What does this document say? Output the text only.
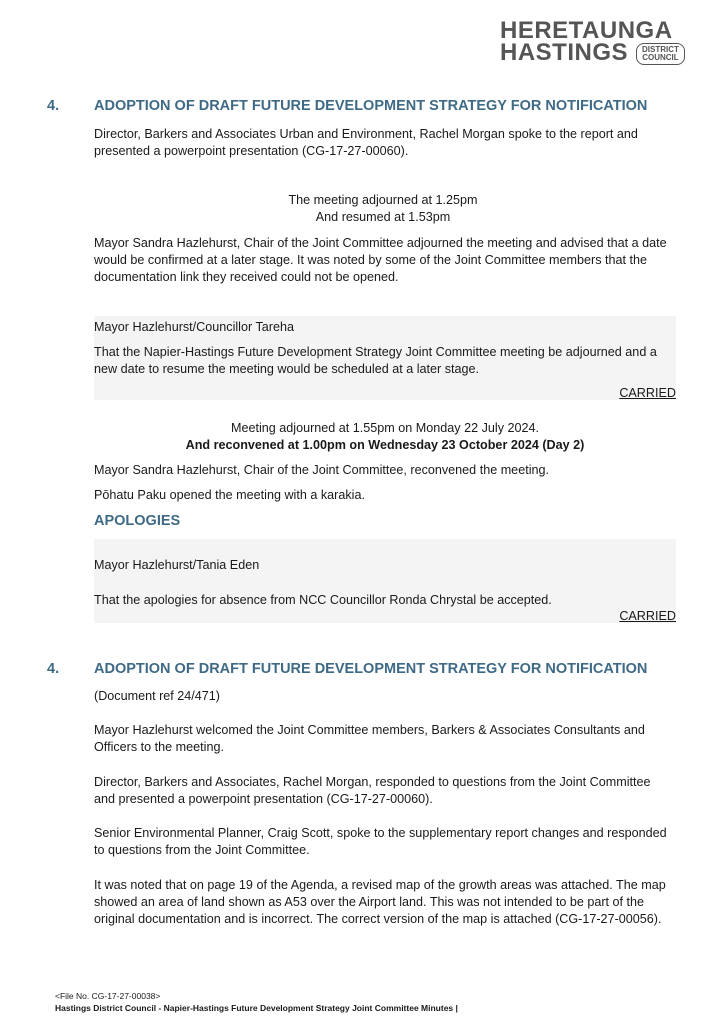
HERETAUNGA
HASTINGS DISTRICT
COUNCIL
4. ADOPTION OF DRAFT FUTURE DEVELOPMENT STRATEGY FOR NOTIFICATION
Director, Barkers and Associates Urban and Environment, Rachel Morgan spoke to the report and presented a powerpoint presentation (CG-17-27-00060).
The meeting adjourned at 1.25pm
And resumed at 1.53pm
Mayor Sandra Hazlehurst, Chair of the Joint Committee adjourned the meeting and advised that a date would be confirmed at a later stage. It was noted by some of the Joint Committee members that the documentation link they received could not be opened.
Mayor Hazlehurst/Councillor Tareha
That the Napier-Hastings Future Development Strategy Joint Committee meeting be adjourned and a new date to resume the meeting would be scheduled at a later stage.
CARRIED
Meeting adjourned at 1.55pm on Monday 22 July 2024.
And reconvened at 1.00pm on Wednesday 23 October 2024 (Day 2)
Mayor Sandra Hazlehurst, Chair of the Joint Committee, reconvened the meeting.
Pōhatu Paku opened the meeting with a karakia.
APOLOGIES
Mayor Hazlehurst/Tania Eden
That the apologies for absence from NCC Councillor Ronda Chrystal be accepted.
CARRIED
4. ADOPTION OF DRAFT FUTURE DEVELOPMENT STRATEGY FOR NOTIFICATION
(Document ref 24/471)
Mayor Hazlehurst welcomed the Joint Committee members, Barkers & Associates Consultants and Officers to the meeting.
Director, Barkers and Associates, Rachel Morgan, responded to questions from the Joint Committee and presented a powerpoint presentation (CG-17-27-00060).
Senior Environmental Planner, Craig Scott, spoke to the supplementary report changes and responded to questions from the Joint Committee.
It was noted that on page 19 of the Agenda, a revised map of the growth areas was attached. The map showed an area of land shown as A53 over the Airport land. This was not intended to be part of the original documentation and is incorrect. The correct version of the map is attached (CG-17-27-00056).
<File No. CG-17-27-00038>
Hastings District Council - Napier-Hastings Future Development Strategy Joint Committee Minutes |
